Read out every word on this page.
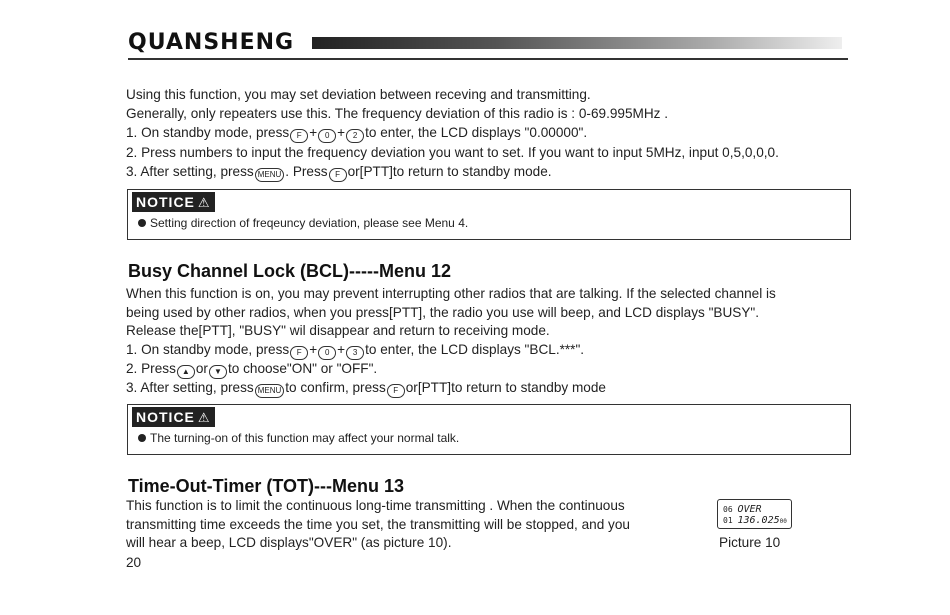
QUANSHENG
Using this function, you may set deviation between receving and transmitting.
Generally, only repeaters use this. The frequency deviation of this radio is : 0-69.995MHz .
1. On standby mode, press F + 0 + 2 to enter, the LCD displays "0.00000".
2. Press numbers to input the frequency deviation you want to set. If you want to input 5MHz, input 0,5,0,0,0.
3. After setting, press MENU . Press F or[PTT]to return to standby mode.
NOTICE ⚠
Setting direction of freqeuncy deviation, please see Menu 4.
Busy Channel Lock (BCL)-----Menu 12
When this function is on, you may prevent interrupting other radios that are talking. If the selected channel is
being used by other radios, when you press[PTT], the radio you use will beep, and LCD displays "BUSY".
Release the[PTT], "BUSY" wil disappear and return to receiving mode.
1. On standby mode, press F + 0 + 3 to enter, the LCD displays "BCL.***".
2. Press ▲ or ▼ to choose"ON" or "OFF".
3. After setting, press MENU to confirm, press F or[PTT]to return to standby mode
NOTICE ⚠
The turning-on of this function may affect your normal talk.
Time-Out-Timer (TOT)---Menu 13
This function is to limit the continuous long-time transmitting . When the continuous
transmitting time exceeds the time you set, the transmitting will be stopped, and you
will hear a beep, LCD displays"OVER" (as picture 10).
06 OVER
01 136.02500
Picture 10
20
